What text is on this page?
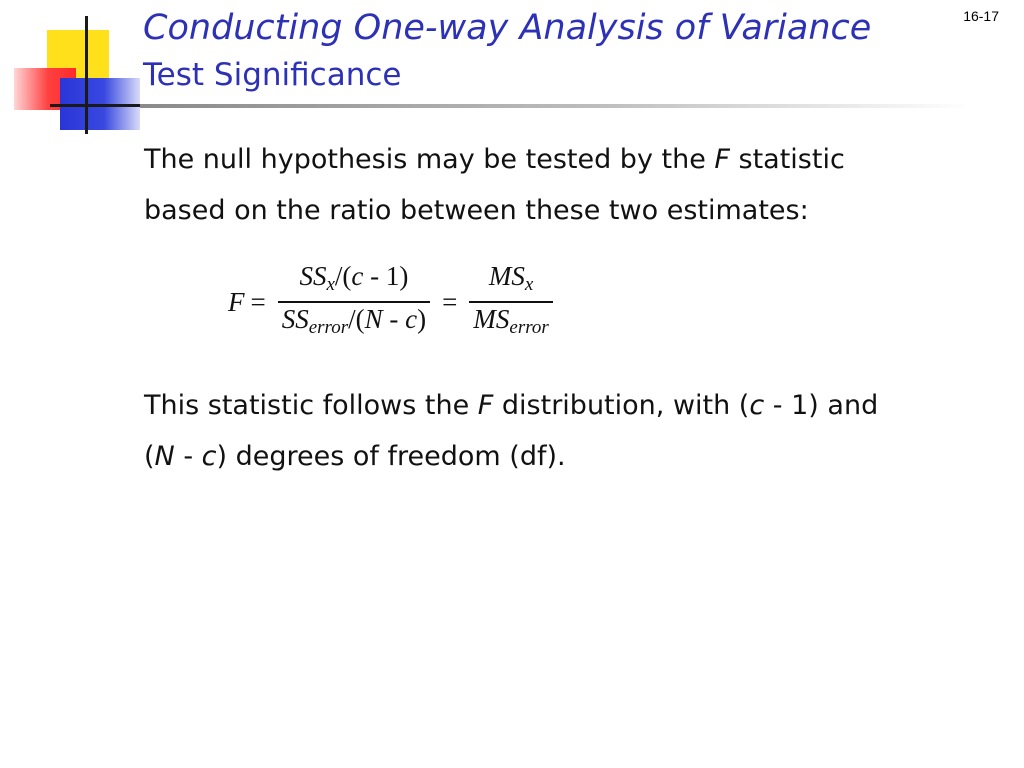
16-17
Conducting One-way Analysis of Variance
Test Significance
The null hypothesis may be tested by the F statistic
based on the ratio between these two estimates:
$F = \frac{SS_x/(c - 1)}{SS_{error}/(N - c)} = \frac{MS_x}{MS_{error}}$
This statistic follows the F distribution, with (c - 1) and
(N - c) degrees of freedom (df).
